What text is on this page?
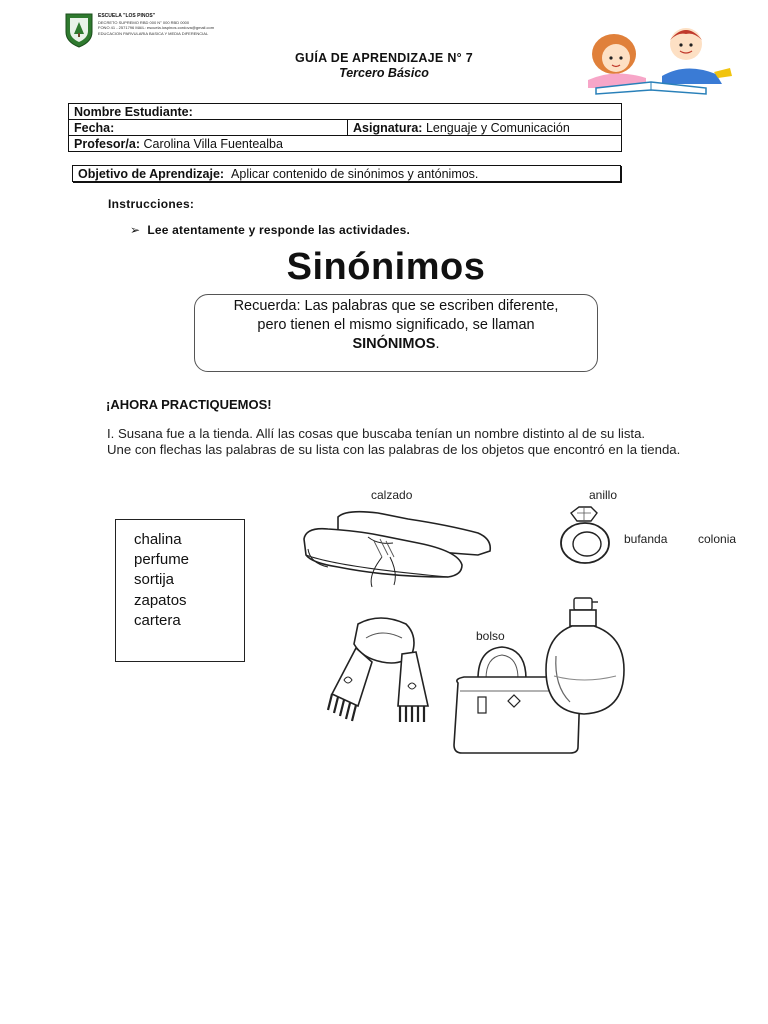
ESCUELA "LOS PINOS"
DECRETO SUPREMO RBD 000 N° 000 RBD 0000
FONO 41 - 2571796 MAIL: escuela.lospinos.cordova@gmail.com
EDUCACION PARVULARIA BASICA Y MEDIA DIFERENCIAL
GUÍA DE APRENDIZAJE N° 7
Tercero Básico
Nombre Estudiante:
Fecha:	Asignatura:
Lenguaje y Comunicación
Profesor/a:
Carolina Villa Fuentealba
Objetivo de Aprendizaje:
Aplicar contenido de sinónimos y antónimos.
Instrucciones:
➢ Lee atentamente y responde las actividades.
Sinónimos
Recuerda: Las palabras que se escriben diferente,
pero tienen el mismo significado, se llaman
SINÓNIMOS.
¡AHORA PRACTIQUEMOS!

I. Susana fue a la tienda. Allí las cosas que buscaba tenían un nombre distinto al de su lista.

Une con flechas las palabras de su lista con las palabras de los objetos que encontró en la tienda.

chalina
perfume
sortija
zapatos
cartera
calzado	anillo
bufanda	colonia
bolso
